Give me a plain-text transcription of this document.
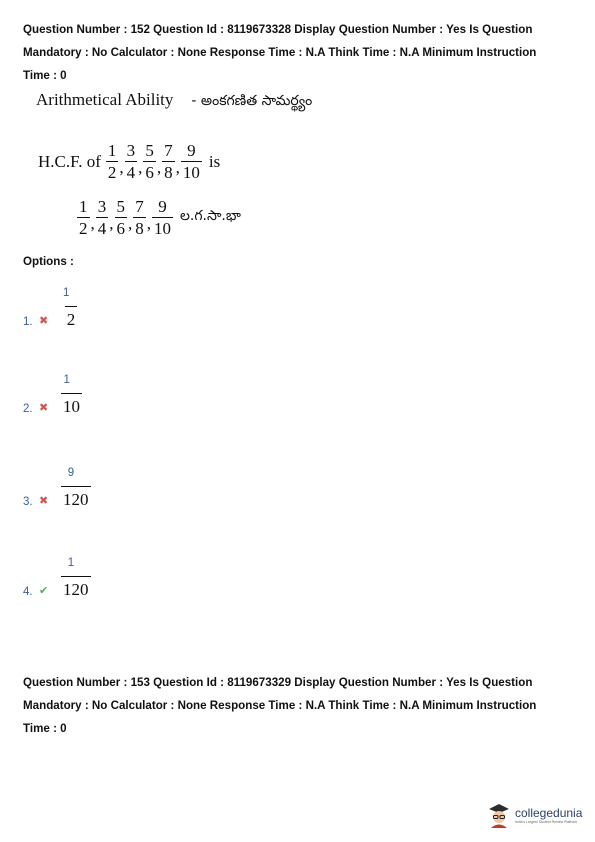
Question Number : 152 Question Id : 8119673328 Display Question Number : Yes Is Question
Mandatory : No Calculator : None Response Time : N.A Think Time : N.A Minimum Instruction
Time : 0
Arithmetical Ability - అంకగణిత సామర్థ్యం
H.C.F. of $\frac{1}{2}$ , $\frac{3}{4}$ , $\frac{5}{6}$ , $\frac{7}{8}$ , $\frac{9}{10}$ is
$\frac{1}{2}$ , $\frac{3}{4}$ , $\frac{5}{6}$ , $\frac{7}{8}$ , $\frac{9}{10}$ ల.గ.సా.భా
Options :
1. ✖	$\frac{1}{2}$
2. ✖	$\frac{1}{10}$
3. ✖	$\frac{9}{120}$
4. ✔	$\frac{1}{120}$
Question Number : 153 Question Id : 8119673329 Display Question Number : Yes Is Question
Mandatory : No Calculator : None Response Time : N.A Think Time : N.A Minimum Instruction
Time : 0
collegedunia
India's Largest Student Review Platform
